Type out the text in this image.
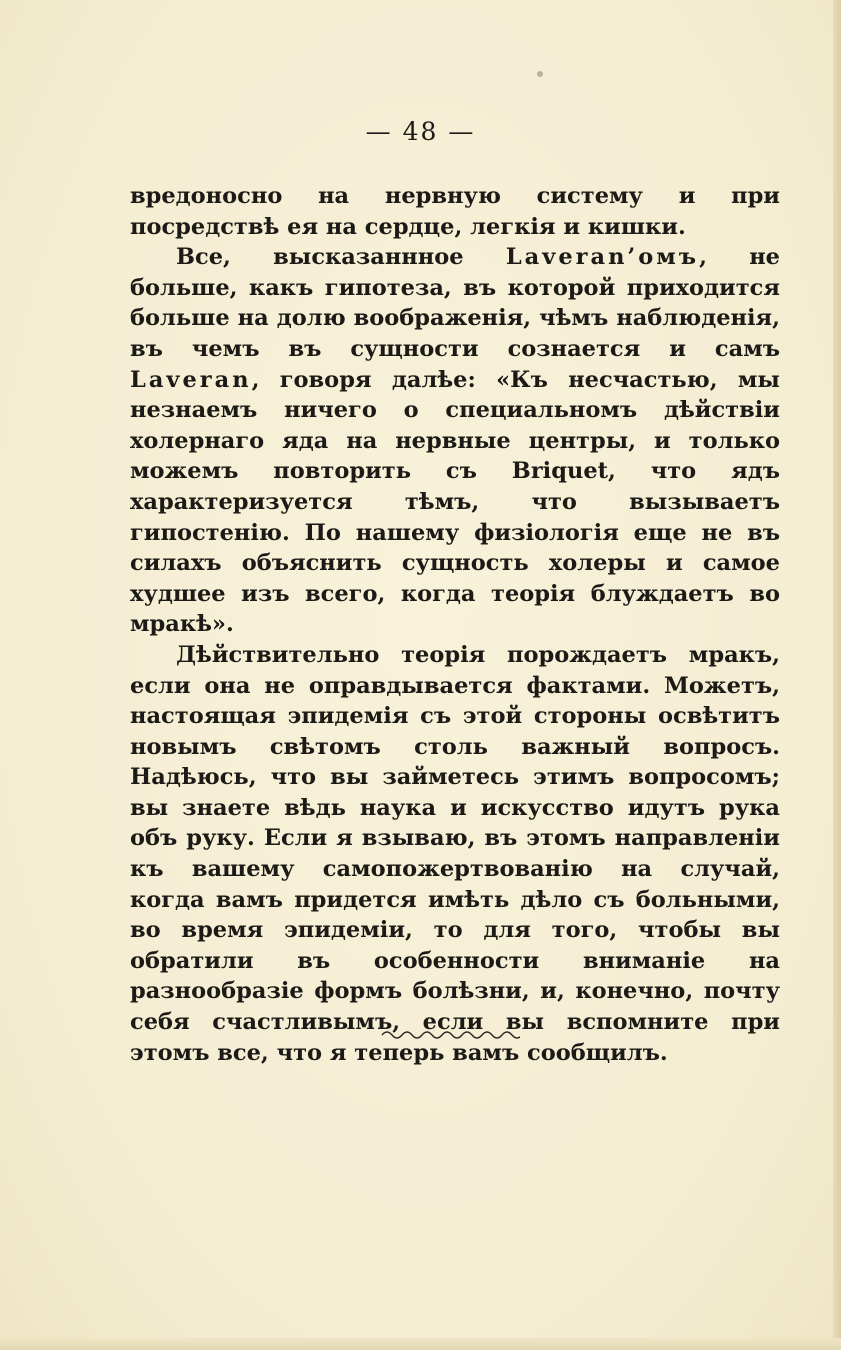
— 48 —

вредоносно на нервную систему и при посредствѣ ея на сердце, легкія и кишки.

Все, высказаннное Laveran’омъ, не больше, какъ гипотеза, въ которой приходится больше на долю воображенія, чѣмъ наблюденія, въ чемъ въ сущности сознается и самъ Laveran, говоря далѣе: «Къ несчастью, мы незнаемъ ничего о специальномъ дѣйствіи холернаго яда на нервные центры, и только можемъ повторить съ Briquet, что ядъ характеризуется тѣмъ, что вызываетъ гипостенію. По нашему физіологія еще не въ силахъ объяснить сущность холеры и самое худшее изъ всего, когда теорія блуждаетъ во мракѣ».

Дѣйствительно теорія порождаетъ мракъ, если она не оправдывается фактами. Можетъ, настоящая эпидемія съ этой стороны освѣтитъ новымъ свѣтомъ столь важный вопросъ. Надѣюсь, что вы займетесь этимъ вопросомъ; вы знаете вѣдь наука и искусство идутъ рука объ руку. Если я взываю, въ этомъ направленіи къ вашему самопожертвованію на случай, когда вамъ придется имѣть дѣло съ больными, во время эпидеміи, то для того, чтобы вы обратили въ особенности вниманіе на разнообразіе формъ болѣзни, и, конечно, почту себя счастливымъ, если вы вспомните при этомъ все, что я теперь вамъ сообщилъ.
